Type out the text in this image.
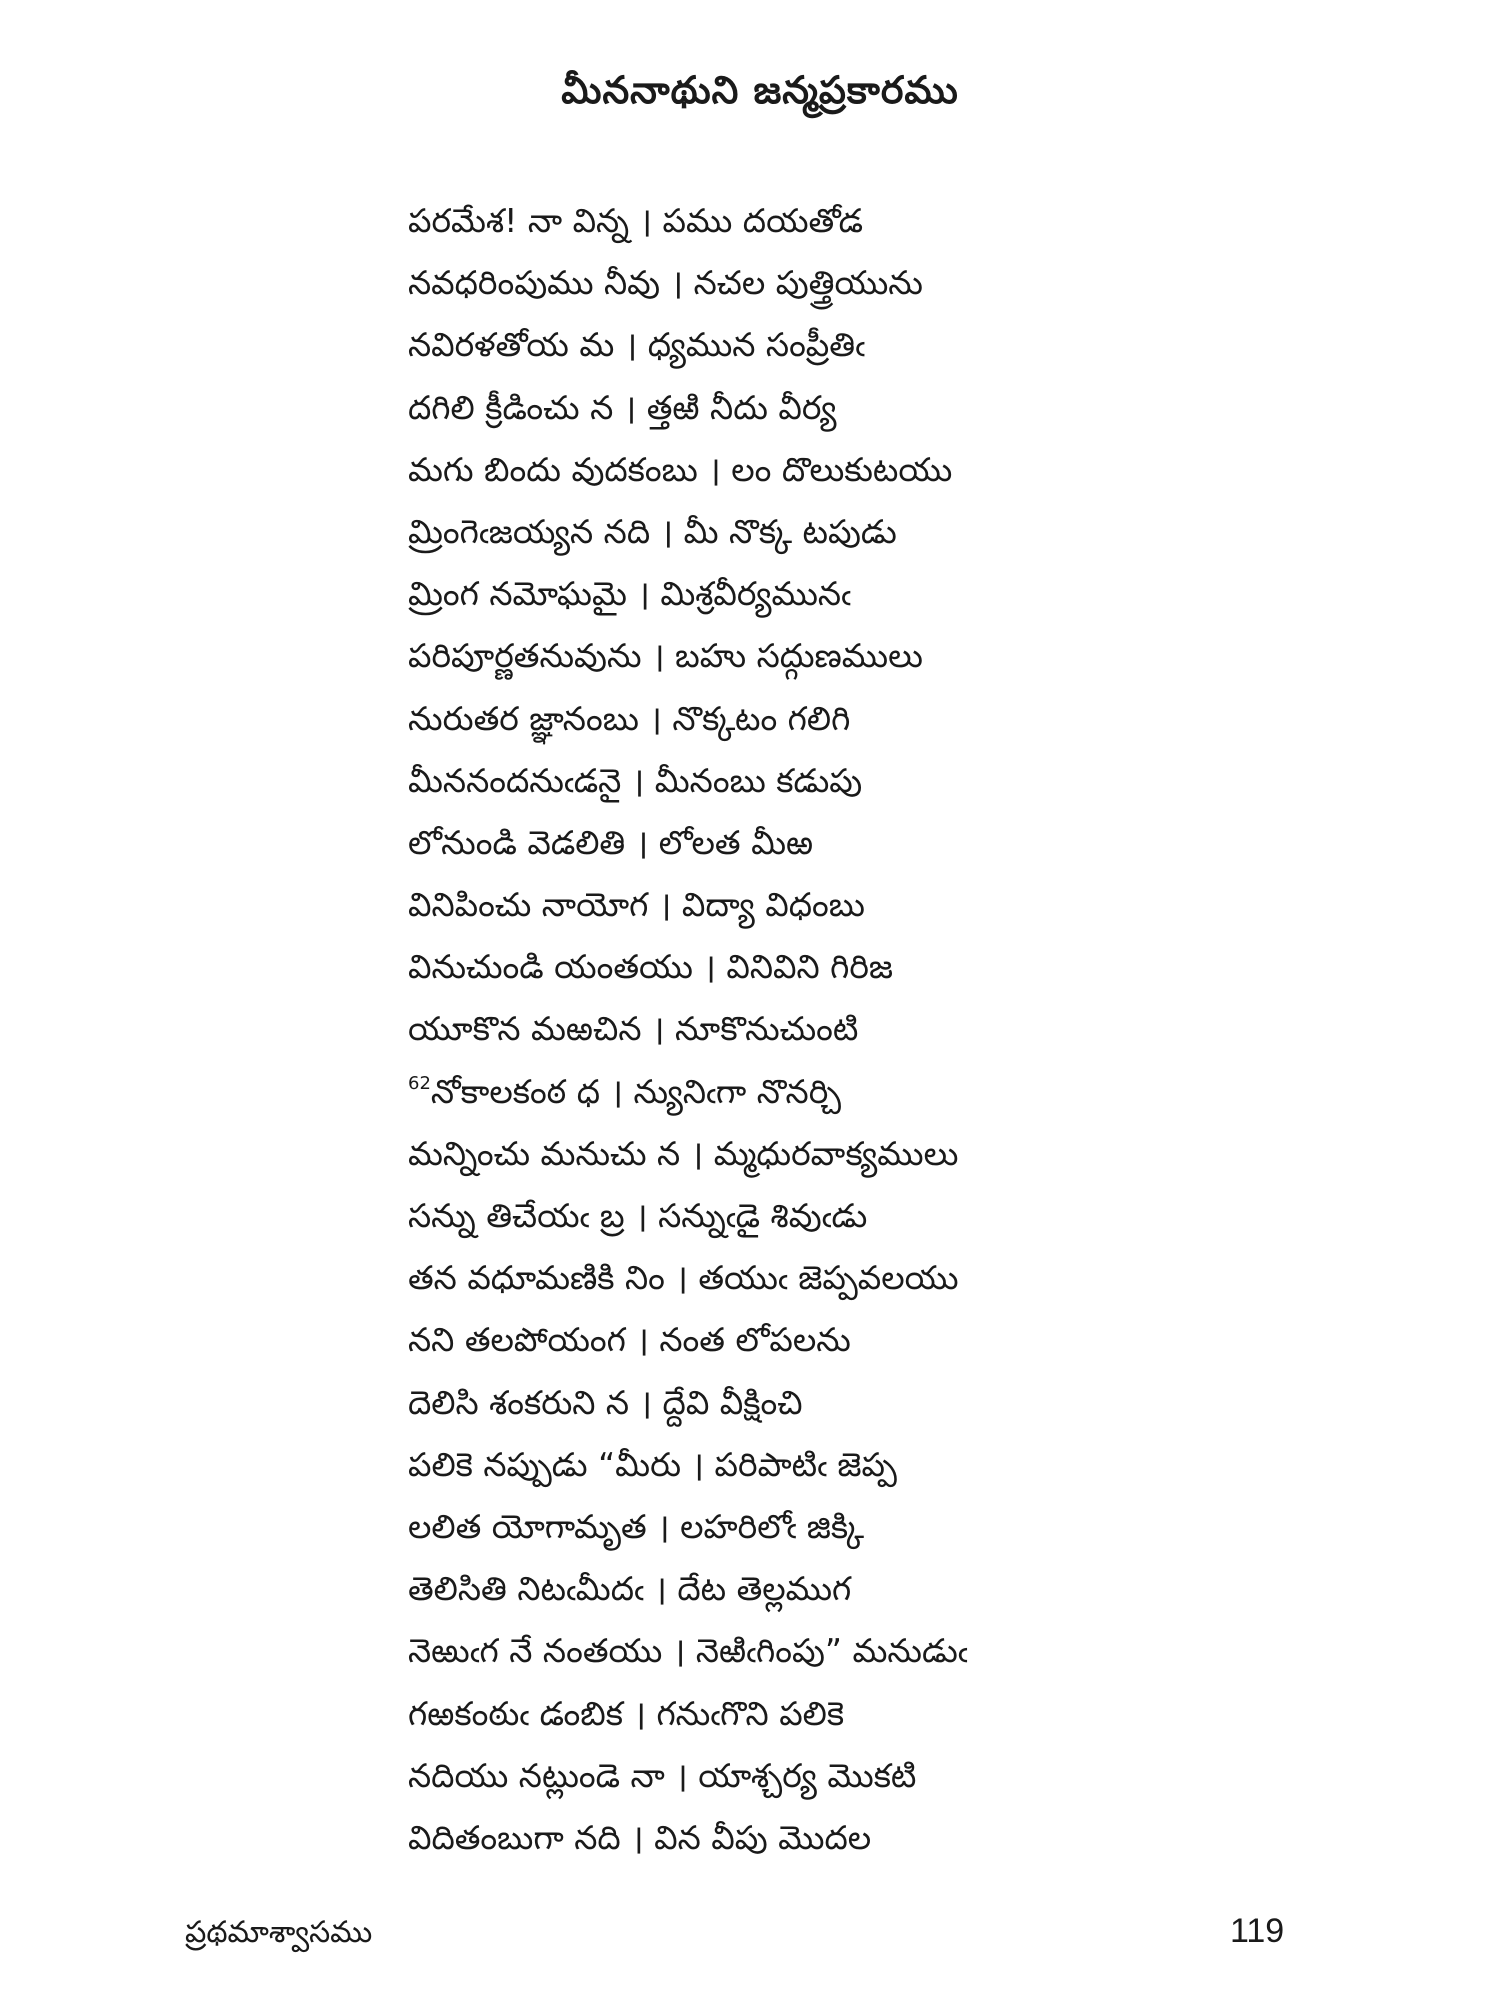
మీననాథుని జన్మప్రకారము
పరమేశ! నా విన్న । పము దయతోడ
నవధరింపుము నీవు । నచల పుత్త్రియును
నవిరళతోయ మ । ధ్యమున సంప్రీతిఁ
దగిలి క్రీడించు న । త్తఱి నీదు వీర్య
మగు బిందు వుదకంబు । లం దొలుకుటయు
మ్రింగెఁజయ్యన నది । మీ నొక్క టపుడు
మ్రింగ నమోఘమై । మిశ్రవీర్యమునఁ
పరిపూర్ణతనువును । బహు సద్గుణములు
నురుతర జ్ఞానంబు । నొక్కటం గలిగి
మీననందనుఁడనై । మీనంబు కడుపు
లోనుండి వెడలితి । లోలత మీఱ
వినిపించు నాయోగ । విద్యా విధంబు
వినుచుండి యంతయు । వినివిని గిరిజ
యూకొన మఱచిన । నూకొనుచుంటి
$^{62}$నోకాలకంఠ ధ । న్యునిఁగా నొనర్చి
మన్నించు మనుచు న । మ్మధురవాక్యములు
సన్ను తిచేయఁ బ్ర । సన్నుఁడై శివుఁడు
తన వధూమణికి నిం । తయుఁ జెప్పవలయు
నని తలపోయంగ । నంత లోపలను
దెలిసి శంకరుని న । ద్దేవి వీక్షించి
పలికె నప్పుడు “మీరు । పరిపాటిఁ జెప్ప
లలిత యోగామృత । లహరిలోఁ జిక్కి
తెలిసితి నిటఁమీదఁ । దేట తెల్లముగ
నెఱుఁగ నే నంతయు । నెఱిఁగింపు” మనుడుఁ
గఱకంఠుఁ డంబిక । గనుఁగొని పలికె
నదియు నట్లుండె నా । యాశ్చర్య మొకటి
విదితంబుగా నది । విన వీపు మొదల
ప్రథమాశ్వాసము	119
